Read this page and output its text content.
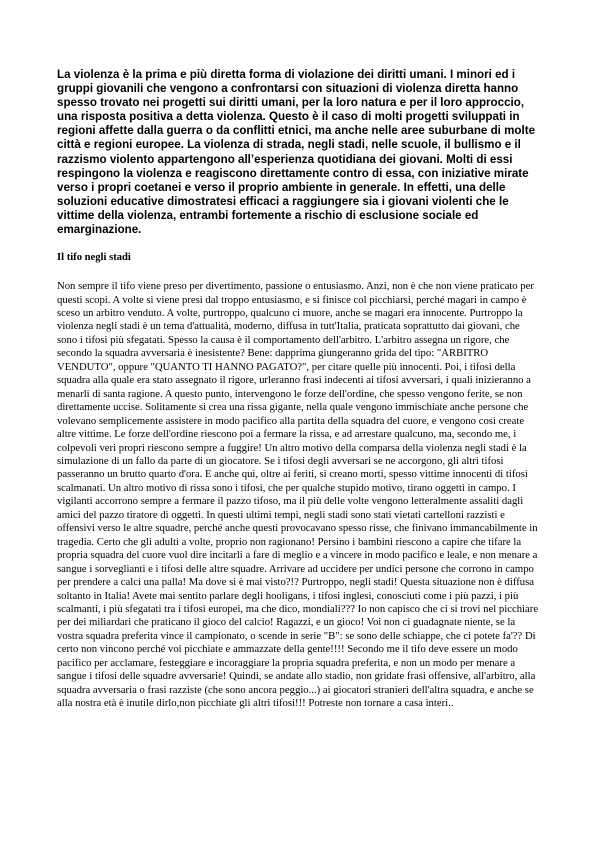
La violenza è la prima e più diretta forma di violazione dei diritti umani. I minori ed i gruppi giovanili che vengono a confrontarsi con situazioni di violenza diretta hanno spesso trovato nei progetti sui diritti umani, per la loro natura e per il loro approccio, una risposta positiva a detta violenza. Questo è il caso di molti progetti sviluppati in regioni affette dalla guerra o da conflitti etnici, ma anche nelle aree suburbane di molte città e regioni europee. La violenza di strada, negli stadi, nelle scuole, il bullismo e il razzismo violento appartengono all’esperienza quotidiana dei giovani. Molti di essi respingono la violenza e reagiscono direttamente contro di essa, con iniziative mirate verso i propri coetanei e verso il proprio ambiente in generale. In effetti, una delle soluzioni educative dimostratesi efficaci a raggiungere sia i giovani violenti che le vittime della violenza, entrambi fortemente a rischio di esclusione sociale ed emarginazione.

Il tifo negli stadi

Non sempre il tifo viene preso per divertimento, passione o entusiasmo. Anzi, non è che non viene praticato per questi scopi. A volte si viene presi dal troppo entusiasmo, e si finisce col picchiarsi, perché magari in campo è sceso un arbitro venduto. A volte, purtroppo, qualcuno ci muore, anche se magari era innocente. Purtroppo la violenza negli stadi è un tema d'attualità, moderno, diffusa in tutt'Italia, praticata soprattutto dai giovani, che sono i tifosi più sfegatati. Spesso la causa è il comportamento dell'arbitro. L'arbitro assegna un rigore, che secondo la squadra avversaria è inesistente? Bene: dapprima giungeranno grida del tipo: "ARBITRO VENDUTO", oppure "QUANTO TI HANNO PAGATO?", per citare quelle più innocenti. Poi, i tifosi della squadra alla quale era stato assegnato il rigore, urleranno frasi indecenti ai tifosi avversari, i quali inizieranno a menarli di santa ragione. A questo punto, intervengono le forze dell'ordine, che spesso vengono ferite, se non direttamente uccise. Solitamente si crea una rissa gigante, nella quale vengono immischiate anche persone che volevano semplicemente assistere in modo pacifico alla partita della squadra del cuore, e vengono così create altre vittime. Le forze dell'ordine riescono poi a fermare la rissa, e ad arrestare qualcuno, ma, secondo me, i colpevoli veri propri riescono sempre a fuggire! Un altro motivo della comparsa della violenza negli stadi è la simulazione di un fallo da parte di un giocatore. Se i tifosi degli avversari se ne accorgono, gli altri tifosi passeranno un brutto quarto d'ora. E anche qui, oltre ai feriti, si creano morti, spesso vittime innocenti di tifosi scalmanati. Un altro motivo di rissa sono i tifosi, che per qualche stupido motivo, tirano oggetti in campo. I vigilanti accorrono sempre a fermare il pazzo tifoso, ma il più delle volte vengono letteralmente assaliti dagli amici del pazzo tiratore di oggetti. In questi ultimi tempi, negli stadi sono stati vietati cartelloni razzisti e offensivi verso le altre squadre, perché anche questi provocavano spesso risse, che finivano immancabilmente in tragedia. Certo che gli adulti a volte, proprio non ragionano! Persino i bambini riescono a capire che tifare la propria squadra del cuore vuol dire incitarli a fare di meglio e a vincere in modo pacifico e leale, e non menare a sangue i sorveglianti e i tifosi delle altre squadre. Arrivare ad uccidere per undici persone che corrono in campo per prendere a calci una palla! Ma dove si è mai visto?!? Purtroppo, negli stadi! Questa situazione non è diffusa soltanto in Italia! Avete mai sentito parlare degli hooligans, i tifosi inglesi, conosciuti come i più pazzi, i più scalmanti, i più sfegatati tra i tifosi europei, ma che dico, mondiali??? Io non capisco che ci si trovi nel picchiare per dei miliardari che praticano il gioco del calcio! Ragazzi, e un gioco! Voi non ci guadagnate niente, se la vostra squadra preferita vince il campionato, o scende in serie "B": se sono delle schiappe, che ci potete fa'?? Di certo non vincono perché voi picchiate e ammazzate della gente!!!! Secondo me il tifo deve essere un modo pacifico per acclamare, festeggiare e incoraggiare la propria squadra preferita, e non un modo per menare a sangue i tifosi delle squadre avversarie! Quindi, se andate allo stadio, non gridate frasi offensive, all'arbitro, alla squadra avversaria o frasi razziste (che sono ancora peggio...) ai giocatori stranieri dell'altra squadra, e anche se alla nostra età è inutile dirlo,non picchiate gli altri tifosi!!! Potreste non tornare a casa interi..
